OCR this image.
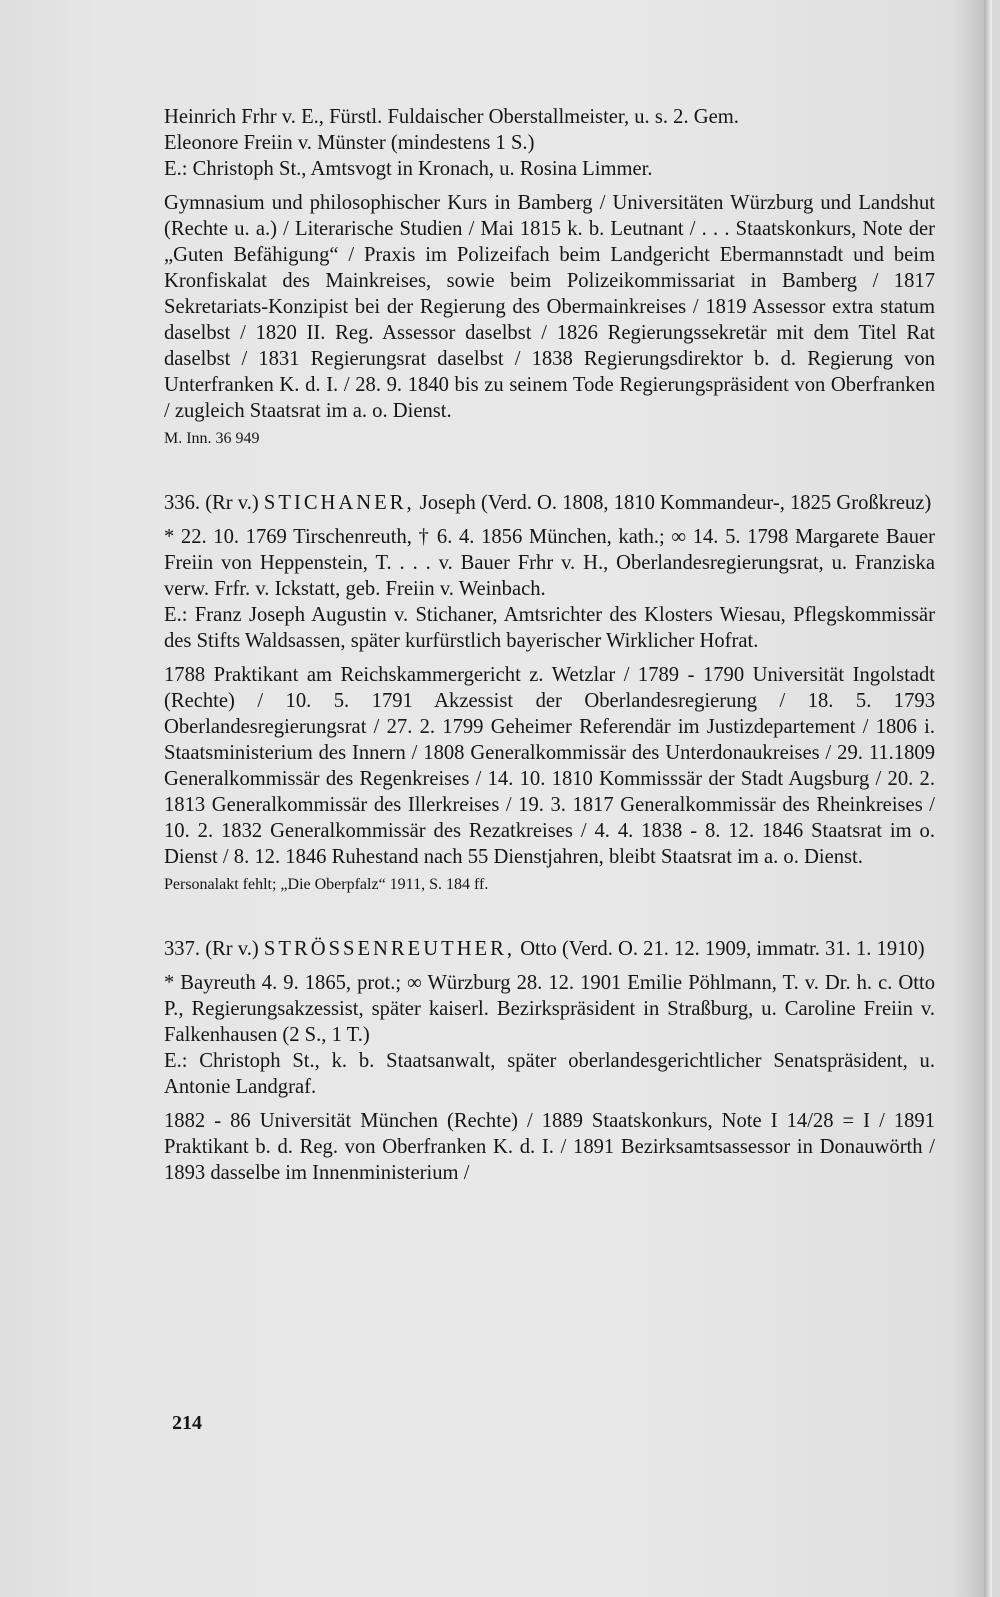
Heinrich Frhr v. E., Fürstl. Fuldaischer Oberstallmeister, u. s. 2. Gem.

Eleonore Freiin v. Münster (mindestens 1 S.)

E.: Christoph St., Amtsvogt in Kronach, u. Rosina Limmer.

Gymnasium und philosophischer Kurs in Bamberg / Universitäten Würzburg und Landshut (Rechte u. a.) / Literarische Studien / Mai 1815 k. b. Leutnant / . . . Staatskonkurs, Note der „Guten Befähigung“ / Praxis im Polizeifach beim Landgericht Ebermannstadt und beim Kronfiskalat des Mainkreises, sowie beim Polizeikommissariat in Bamberg / 1817 Sekretariats-Konzipist bei der Regierung des Obermainkreises / 1819 Assessor extra statum daselbst / 1820 II. Reg. Assessor daselbst / 1826 Regierungssekretär mit dem Titel Rat daselbst / 1831 Regierungsrat daselbst / 1838 Regierungsdirektor b. d. Regierung von Unterfranken K. d. I. / 28. 9. 1840 bis zu seinem Tode Regierungspräsident von Oberfranken / zugleich Staatsrat im a. o. Dienst.

M. Inn. 36 949

336. (Rr v.) STICHANER, Joseph (Verd. O. 1808, 1810 Kommandeur-, 1825 Großkreuz)

* 22. 10. 1769 Tirschenreuth, † 6. 4. 1856 München, kath.; ∞ 14. 5. 1798 Margarete Bauer Freiin von Heppenstein, T. . . . v. Bauer Frhr v. H., Oberlandesregierungsrat, u. Franziska verw. Frfr. v. Ickstatt, geb. Freiin v. Weinbach.

E.: Franz Joseph Augustin v. Stichaner, Amtsrichter des Klosters Wiesau, Pflegskommissär des Stifts Waldsassen, später kurfürstlich bayerischer Wirklicher Hofrat.

1788 Praktikant am Reichskammergericht z. Wetzlar / 1789 - 1790 Universität Ingolstadt (Rechte) / 10. 5. 1791 Akzessist der Oberlandesregierung / 18. 5. 1793 Oberlandesregierungsrat / 27. 2. 1799 Geheimer Referendär im Justizdepartement / 1806 i. Staatsministerium des Innern / 1808 Generalkommissär des Unterdonaukreises / 29. 11.1809 Generalkommissär des Regenkreises / 14. 10. 1810 Kommisssär der Stadt Augsburg / 20. 2. 1813 Generalkommissär des Illerkreises / 19. 3. 1817 Generalkommissär des Rheinkreises / 10. 2. 1832 Generalkommissär des Rezatkreises / 4. 4. 1838 - 8. 12. 1846 Staatsrat im o. Dienst / 8. 12. 1846 Ruhestand nach 55 Dienstjahren, bleibt Staatsrat im a. o. Dienst.

Personalakt fehlt; „Die Oberpfalz“ 1911, S. 184 ff.

337. (Rr v.) STRÖSSENREUTHER, Otto (Verd. O. 21. 12. 1909, immatr. 31. 1. 1910)

* Bayreuth 4. 9. 1865, prot.; ∞ Würzburg 28. 12. 1901 Emilie Pöhlmann, T. v. Dr. h. c. Otto P., Regierungsakzessist, später kaiserl. Bezirkspräsident in Straßburg, u. Caroline Freiin v. Falkenhausen (2 S., 1 T.)

E.: Christoph St., k. b. Staatsanwalt, später oberlandesgerichtlicher Senatspräsident, u. Antonie Landgraf.

1882 - 86 Universität München (Rechte) / 1889 Staatskonkurs, Note I 14/28 = I / 1891 Praktikant b. d. Reg. von Oberfranken K. d. I. / 1891 Bezirksamtsassessor in Donauwörth / 1893 dasselbe im Innenministerium /

214
